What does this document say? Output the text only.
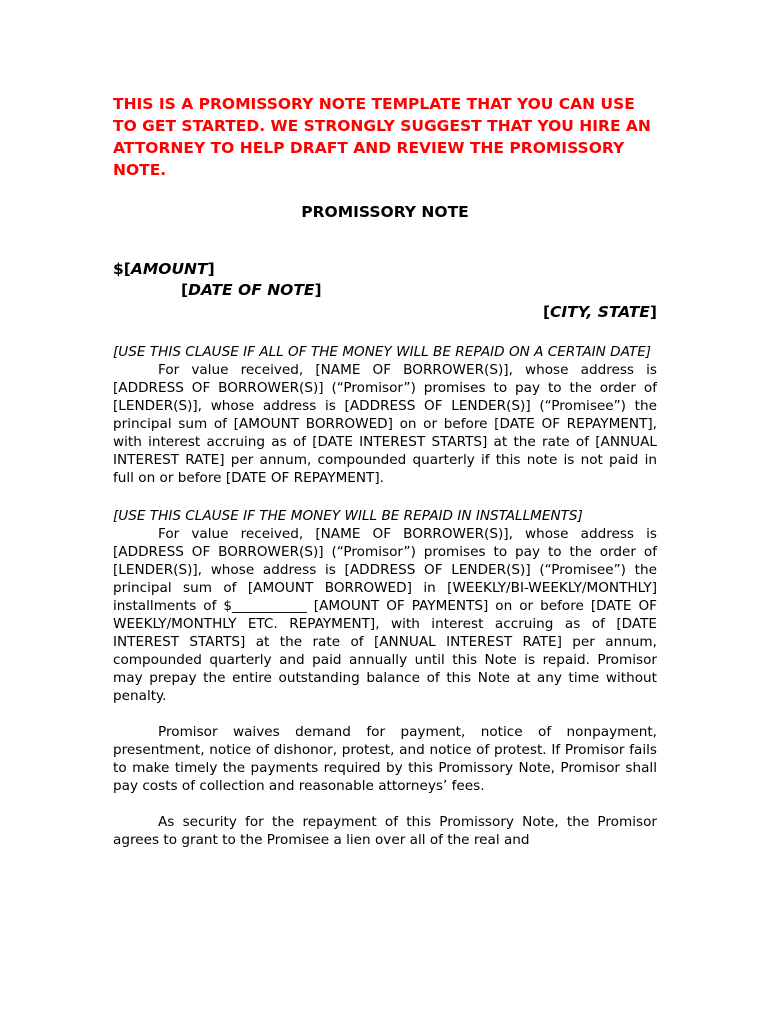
THIS IS A PROMISSORY NOTE TEMPLATE THAT YOU CAN USE TO GET STARTED. WE STRONGLY SUGGEST THAT YOU HIRE AN ATTORNEY TO HELP DRAFT AND REVIEW THE PROMISSORY NOTE.

PROMISSORY NOTE

$[AMOUNT]

[DATE OF NOTE]

[CITY, STATE]

[USE THIS CLAUSE IF ALL OF THE MONEY WILL BE REPAID ON A CERTAIN DATE]

For value received, [NAME OF BORROWER(S)], whose address is [ADDRESS OF BORROWER(S)] (“Promisor”) promises to pay to the order of [LENDER(S)], whose address is [ADDRESS OF LENDER(S)] (“Promisee”) the principal sum of [AMOUNT BORROWED] on or before [DATE OF REPAYMENT], with interest accruing as of [DATE INTEREST STARTS] at the rate of [ANNUAL INTEREST RATE] per annum, compounded quarterly if this note is not paid in full on or before [DATE OF REPAYMENT].

[USE THIS CLAUSE IF THE MONEY WILL BE REPAID IN INSTALLMENTS]

For value received, [NAME OF BORROWER(S)], whose address is [ADDRESS OF BORROWER(S)] (“Promisor”) promises to pay to the order of [LENDER(S)], whose address is [ADDRESS OF LENDER(S)] (“Promisee”) the principal sum of [AMOUNT BORROWED] in [WEEKLY/BI-WEEKLY/MONTHLY] installments of $___________ [AMOUNT OF PAYMENTS] on or before [DATE OF WEEKLY/MONTHLY ETC. REPAYMENT], with interest accruing as of [DATE INTEREST STARTS] at the rate of [ANNUAL INTEREST RATE] per annum, compounded quarterly and paid annually until this Note is repaid. Promisor may prepay the entire outstanding balance of this Note at any time without penalty.

Promisor waives demand for payment, notice of nonpayment, presentment, notice of dishonor, protest, and notice of protest. If Promisor fails to make timely the payments required by this Promissory Note, Promisor shall pay costs of collection and reasonable attorneys’ fees.

As security for the repayment of this Promissory Note, the Promisor agrees to grant to the Promisee a lien over all of the real and
